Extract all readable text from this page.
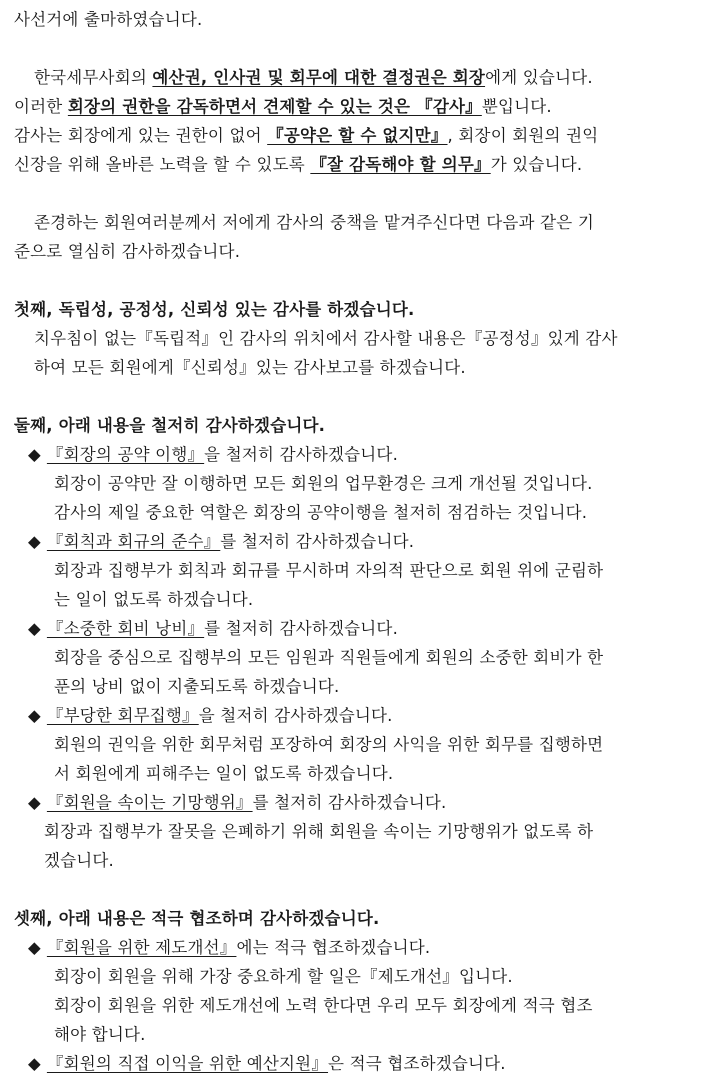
사선거에 출마하였습니다.
한국세무사회의 예산권, 인사권 및 회무에 대한 결정권은 회장에게 있습니다.
이러한 회장의 권한을 감독하면서 견제할 수 있는 것은 『감사』뿐입니다.
감사는 회장에게 있는 권한이 없어 『공약은 할 수 없지만』, 회장이 회원의 권익
신장을 위해 올바른 노력을 할 수 있도록 『잘 감독해야 할 의무』가 있습니다.
존경하는 회원여러분께서 저에게 감사의 중책을 맡겨주신다면 다음과 같은 기
준으로 열심히 감사하겠습니다.
첫째, 독립성, 공정성, 신뢰성 있는 감사를 하겠습니다.
치우침이 없는『독립적』인 감사의 위치에서 감사할 내용은『공정성』있게 감사
하여 모든 회원에게『신뢰성』있는 감사보고를 하겠습니다.
둘째, 아래 내용을 철저히 감사하겠습니다.
◆ 『회장의 공약 이행』을 철저히 감사하겠습니다.
회장이 공약만 잘 이행하면 모든 회원의 업무환경은 크게 개선될 것입니다.
감사의 제일 중요한 역할은 회장의 공약이행을 철저히 점검하는 것입니다.
◆ 『회칙과 회규의 준수』를 철저히 감사하겠습니다.
회장과 집행부가 회칙과 회규를 무시하며 자의적 판단으로 회원 위에 군림하
는 일이 없도록 하겠습니다.
◆ 『소중한 회비 낭비』를 철저히 감사하겠습니다.
회장을 중심으로 집행부의 모든 임원과 직원들에게 회원의 소중한 회비가 한
푼의 낭비 없이 지출되도록 하겠습니다.
◆ 『부당한 회무집행』을 철저히 감사하겠습니다.
회원의 권익을 위한 회무처럼 포장하여 회장의 사익을 위한 회무를 집행하면
서 회원에게 피해주는 일이 없도록 하겠습니다.
◆ 『회원을 속이는 기망행위』를 철저히 감사하겠습니다.
회장과 집행부가 잘못을 은폐하기 위해 회원을 속이는 기망행위가 없도록 하
겠습니다.
셋째, 아래 내용은 적극 협조하며 감사하겠습니다.
◆ 『회원을 위한 제도개선』에는 적극 협조하겠습니다.
회장이 회원을 위해 가장 중요하게 할 일은『제도개선』입니다.
회장이 회원을 위한 제도개선에 노력 한다면 우리 모두 회장에게 적극 협조
해야 합니다.
◆ 『회원의 직접 이익을 위한 예산지원』은 적극 협조하겠습니다.
